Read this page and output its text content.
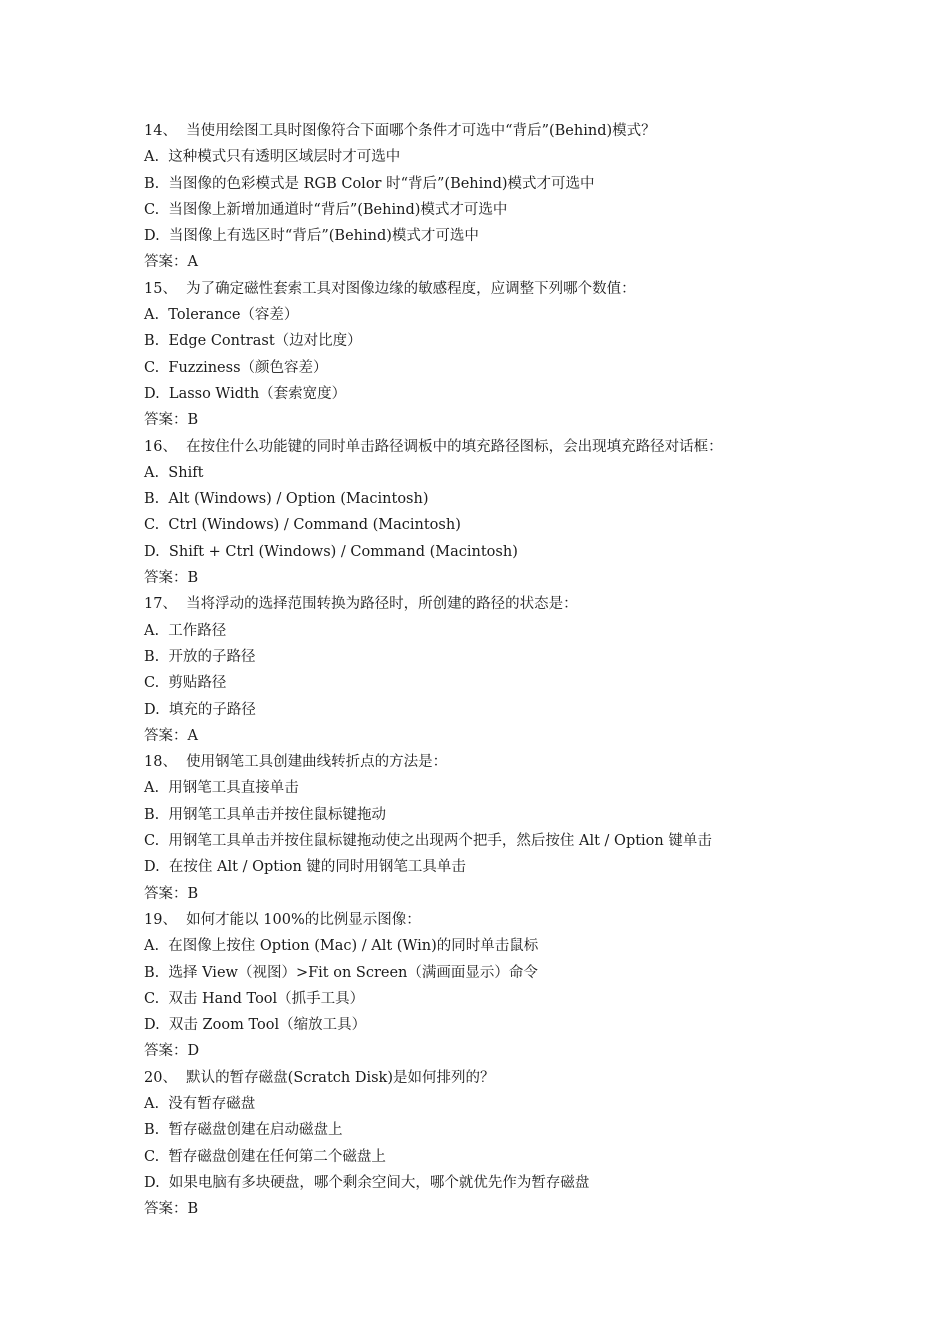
14、  当使用绘图工具时图像符合下面哪个条件才可选中“背后”(Behind)模式？
A.  这种模式只有透明区域层时才可选中
B.  当图像的色彩模式是 RGB Color 时“背后”(Behind)模式才可选中
C.  当图像上新增加通道时“背后”(Behind)模式才可选中
D.  当图像上有选区时“背后”(Behind)模式才可选中
答案：A
15、  为了确定磁性套索工具对图像边缘的敏感程度，应调整下列哪个数值：
A.  Tolerance（容差）
B.  Edge Contrast（边对比度）
C.  Fuzziness（颜色容差）
D.  Lasso Width（套索宽度）
答案：B
16、  在按住什么功能键的同时单击路径调板中的填充路径图标，会出现填充路径对话框：
A.  Shift
B.  Alt (Windows) / Option (Macintosh)
C.  Ctrl (Windows) / Command (Macintosh)
D.  Shift + Ctrl (Windows) / Command (Macintosh)
答案：B
17、  当将浮动的选择范围转换为路径时，所创建的路径的状态是：
A.  工作路径
B.  开放的子路径
C.  剪贴路径
D.  填充的子路径
答案：A
18、  使用钢笔工具创建曲线转折点的方法是：
A.  用钢笔工具直接单击
B.  用钢笔工具单击并按住鼠标键拖动
C.  用钢笔工具单击并按住鼠标键拖动使之出现两个把手，然后按住 Alt / Option 键单击
D.  在按住 Alt / Option 键的同时用钢笔工具单击
答案：B
19、  如何才能以 100%的比例显示图像：
A.  在图像上按住 Option (Mac) / Alt (Win)的同时单击鼠标
B.  选择 View（视图）>Fit on Screen（满画面显示）命令
C.  双击 Hand Tool（抓手工具）
D.  双击 Zoom Tool（缩放工具）
答案：D
20、  默认的暂存磁盘(Scratch Disk)是如何排列的？
A.  没有暂存磁盘
B.  暂存磁盘创建在启动磁盘上
C.  暂存磁盘创建在任何第二个磁盘上
D.  如果电脑有多块硬盘，哪个剩余空间大，哪个就优先作为暂存磁盘
答案：B
